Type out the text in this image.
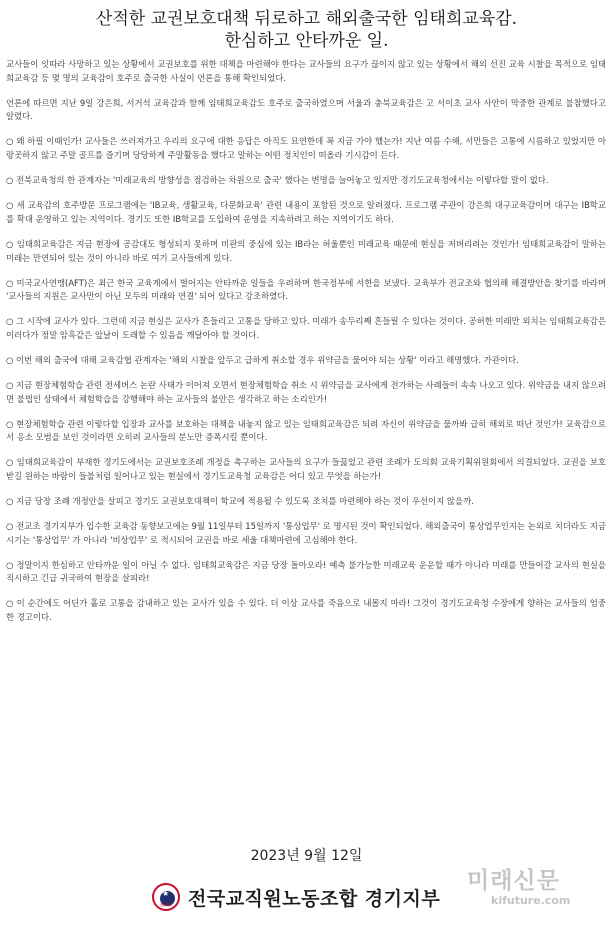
산적한 교권보호대책 뒤로하고 해외출국한 임태희교육감.
한심하고 안타까운 일.

교사들이 잇따라 사망하고 있는 상황에서 교권보호를 위한 대책을 마련해야 한다는 교사들의 요구가 끊이지 않고 있는 상황에서 해외 선진 교육 시찰을 목적으로 임태희교육감 등 몇 명의 교육감이 호주로 출국한 사실이 언론을 통해 확인되었다.

언론에 따르면 지난 9일 강은희, 서거석 교육감과 함께 임태희교육감도 호주로 출국하였으며 서울과 충북교육감은 고 서이초 교사 사안이 막중한 관계로 불참했다고 알렸다.

○ 왜 하필 이때인가! 교사들은 쓰러져가고 우리의 요구에 대한 응답은 아직도 묘연한데 꼭 지금 가야 했는가! 지난 여름 수해, 서민들은 고통에 시름하고 있었지만 아랑곳하지 않고 주말 골프를 즐기며 당당하게 주말활동을 했다고 말하는 어떤 정치인이 떠올라 기시감이 든다.

○ 전북교육청의 한 관계자는 '미래교육의 방향성을 점검하는 차원으로 출국' 했다는 변명을 늘어놓고 있지만 경기도교육청에서는 이렇다할 말이 없다.

○ 세 교육감의 호주방문 프로그램에는 'IB교육, 생활교육, 다문화교육' 관련 내용이 포함된 것으로 알려졌다. 프로그램 주관이 강은희 대구교육감이며 대구는 IB학교를 확대 운영하고 있는 지역이다. 경기도 또한 IB학교를 도입하여 운영을 지속하려고 하는 지역이기도 하다.

○ 임태희교육감은 지금 현장에 공감대도 형성되지 못하며 비판의 중심에 있는 IB라는 허울뿐인 미래교육 때문에 현실을 저버리려는 것인가! 임태희교육감이 말하는 미래는 만연되어 있는 것이 아니라 바로 여기 교사들에게 있다.

○ 미국교사연맹(AFT)은 최근 한국 교육계에서 벌어지는 안타까운 일들을 우려하며 한국정부에 서한을 보냈다. 교육부가 전교조와 협의해 해결방안을 찾기를 바라며 '교사들의 지원은 교사만이 아닌 모두의 미래와 연결' 되어 있다고 강조하였다.

○ 그 시작에 교사가 있다. 그런데 지금 현실은 교사가 흔들리고 고통을 당하고 있다. 미래가 송두리째 흔들릴 수 있다는 것이다. 공허한 미래만 외치는 임태희교육감은 이러다가 정말 암흑같은 앞날이 도래할 수 있음을 깨달아야 할 것이다.

○ 이번 해외 출국에 대해 교육감협 관계자는 '해외 시찰을 앞두고 급하게 취소할 경우 위약금을 물어야 되는 상황' 이라고 해명했다. 가관이다.

○ 지금 현장체험학습 관련 전세버스 논란 사태가 이어져 오면서 현장체험학습 취소 시 위약금을 교사에게 전가하는 사례들이 속속 나오고 있다. 위약금을 내지 않으려면 불법인 상태에서 체험학습을 강행해야 하는 교사들의 불안은 생각하고 하는 소리인가!

○ 현장체험학습 관련 이렇다할 입장과 교사를 보호하는 대책을 내놓지 않고 있는 임태희교육감은 되려 자신이 위약금을 물까봐 급히 해외로 떠난 것인가! 교육감으로서 응소 모범을 보인 것이라면 오히려 교사들의 분노만 증폭시킬 뿐이다.

○ 임태희교육감이 부재한 경기도에서는 교권보호조례 개정을 촉구하는 교사들의 요구가 들끓었고 관련 조례가 도의회 교육기획위원회에서 의결되었다. 교권을 보호받길 원하는 바람이 들불처럼 일어나고 있는 현실에서 경기도교육청 교육감은 어디 있고 무엇을 하는가!

○ 지금 당장 조례 개정안을 살피고 경기도 교권보호대책이 학교에 적용될 수 있도록 조치를 마련해야 하는 것이 우선이지 않을까.

○ 전교조 경기지부가 입수한 교육감 동향보고에는 9월 11일부터 15일까지 '통상업무' 로 명시된 것이 확인되었다. 해외출국이 통상업무인지는 논외로 치더라도 지금 시기는 '통상업무' 가 아니라 '비상업무' 로 적시되어 교권을 바로 세울 대책마련에 고심해야 한다.

○ 정말이지 한심하고 안타까운 일이 아닐 수 없다. 임태희교육감은 지금 당장 돌아오라! 예측 불가능한 미래교육 운운할 때가 아니라 미래를 만들어갈 교사의 현실을 직시하고 긴급 귀국하여 현장을 살피라!

○ 이 순간에도 어딘가 홀로 고통을 감내하고 있는 교사가 있을 수 있다. 더 이상 교사를 죽음으로 내몰지 마라! 그것이 경기도교육청 수장에게 향하는 교사들의 엄중한 경고이다.

2023년 9월 12일
★
전교조 전국교직원노동조합 경기지부
미래신문
kifuture.com
